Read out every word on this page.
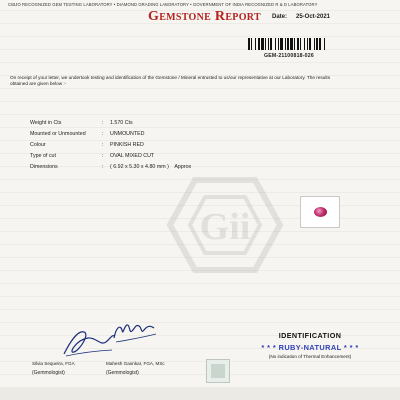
CIBJO RECOGNIZED GEM TESTING LABORATORY • DIAMOND GRADING LABORATORY • GOVERNMENT OF INDIA RECOGNIZED R & D LABORATORY
Gemstone Report Date: 25-Oct-2021
GEM-21100818-026
On receipt of your letter, we undertook testing and identification of the Gemstone / Mineral entrusted to us/our representative at our Laboratory. The results obtained are given below :-
Gii
Weight in Cts	: 1.570 Cts
Mounted or Unmounted	: UNMOUNTED
Colour	: PINKISH RED
Type of cut	: OVAL MIXED CUT
Dimensions	: ( 6.92 x 5.30 x 4.80 mm ) Approx
Silvia Sequeira, FGA
(Gemmologist)
Mahesh Gaonkar, FGA, MSc
(Gemmologist)
IDENTIFICATION
* * * RUBY-NATURAL * * *
(No indication of Thermal Enhancement)
